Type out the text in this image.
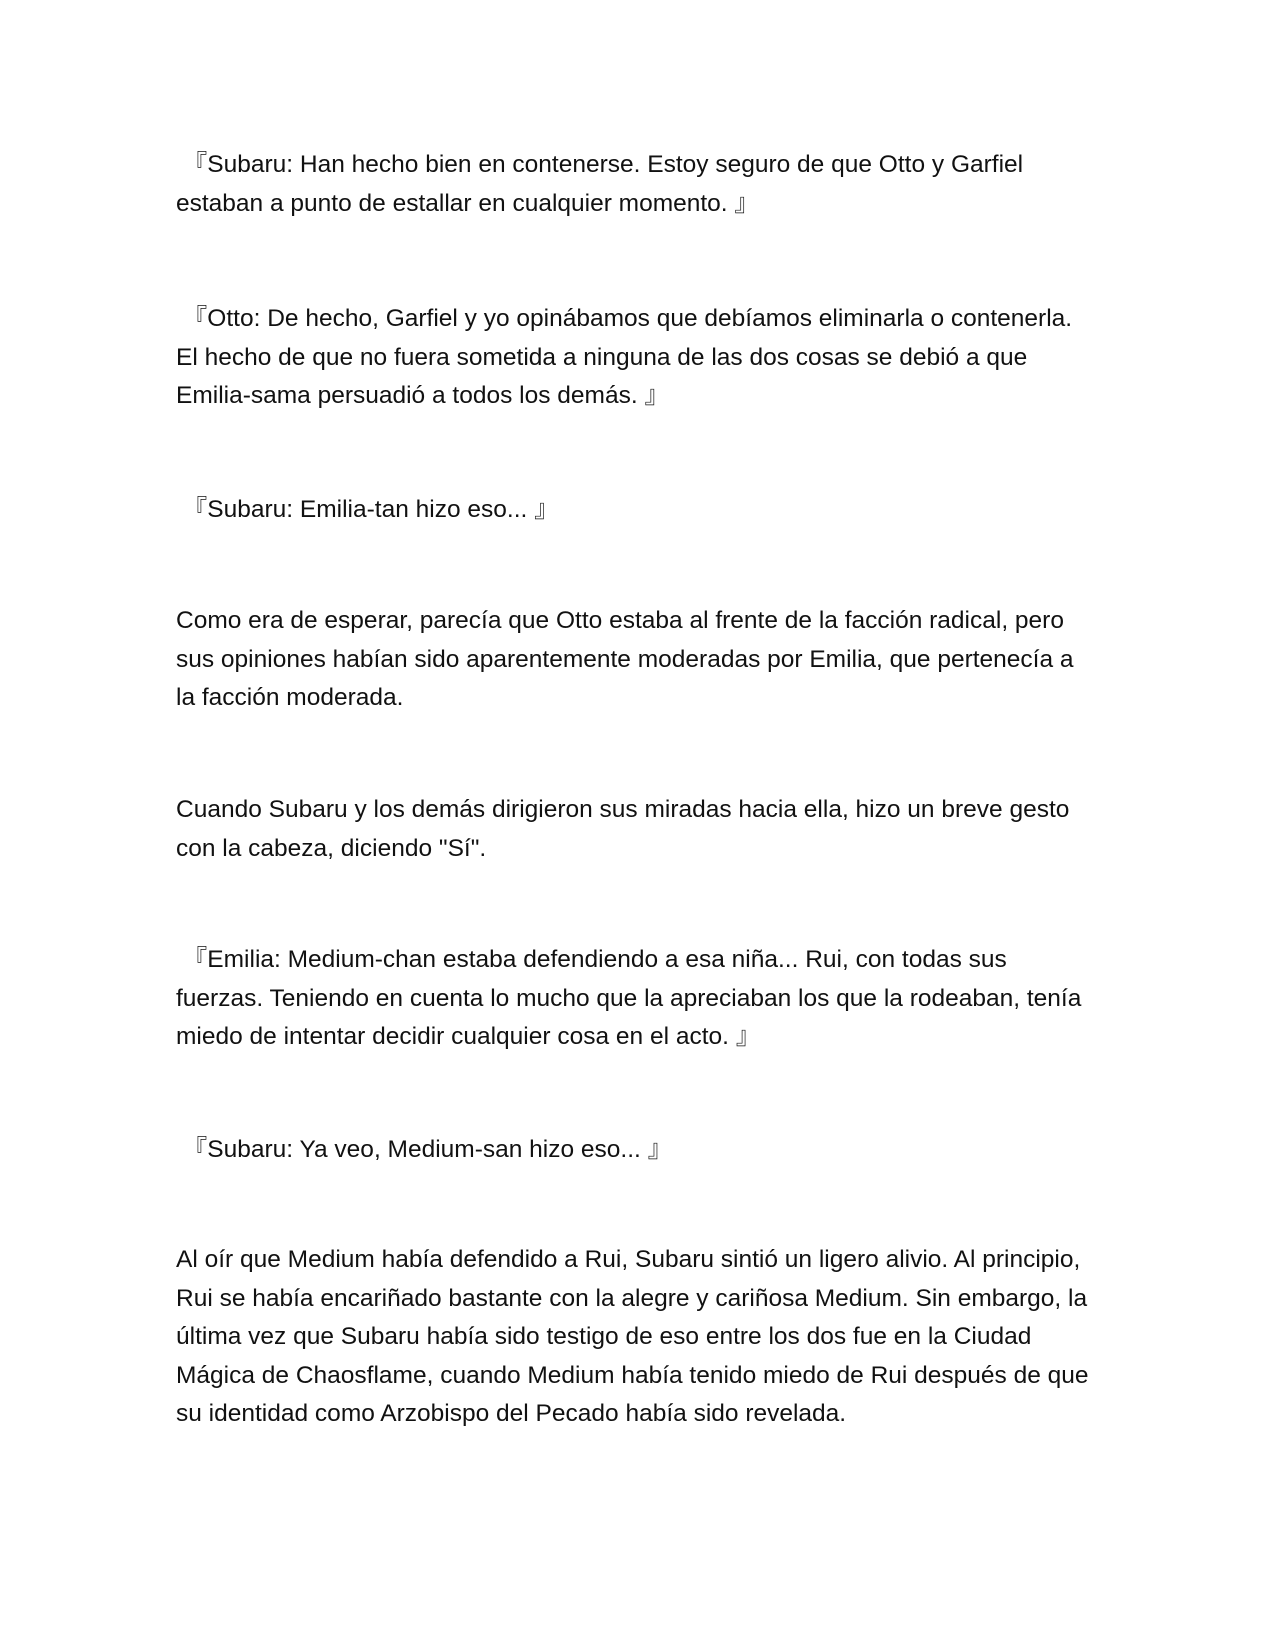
『Subaru: Han hecho bien en contenerse. Estoy seguro de que Otto y Garfiel estaban a punto de estallar en cualquier momento. 』

『Otto: De hecho, Garfiel y yo opinábamos que debíamos eliminarla o contenerla. El hecho de que no fuera sometida a ninguna de las dos cosas se debió a que Emilia-sama persuadió a todos los demás. 』

『Subaru: Emilia-tan hizo eso... 』

Como era de esperar, parecía que Otto estaba al frente de la facción radical, pero sus opiniones habían sido aparentemente moderadas por Emilia, que pertenecía a la facción moderada.

Cuando Subaru y los demás dirigieron sus miradas hacia ella, hizo un breve gesto con la cabeza, diciendo "Sí".

『Emilia: Medium-chan estaba defendiendo a esa niña... Rui, con todas sus fuerzas. Teniendo en cuenta lo mucho que la apreciaban los que la rodeaban, tenía miedo de intentar decidir cualquier cosa en el acto. 』

『Subaru: Ya veo, Medium-san hizo eso... 』

Al oír que Medium había defendido a Rui, Subaru sintió un ligero alivio. Al principio, Rui se había encariñado bastante con la alegre y cariñosa Medium. Sin embargo, la última vez que Subaru había sido testigo de eso entre los dos fue en la Ciudad Mágica de Chaosflame, cuando Medium había tenido miedo de Rui después de que su identidad como Arzobispo del Pecado había sido revelada.
